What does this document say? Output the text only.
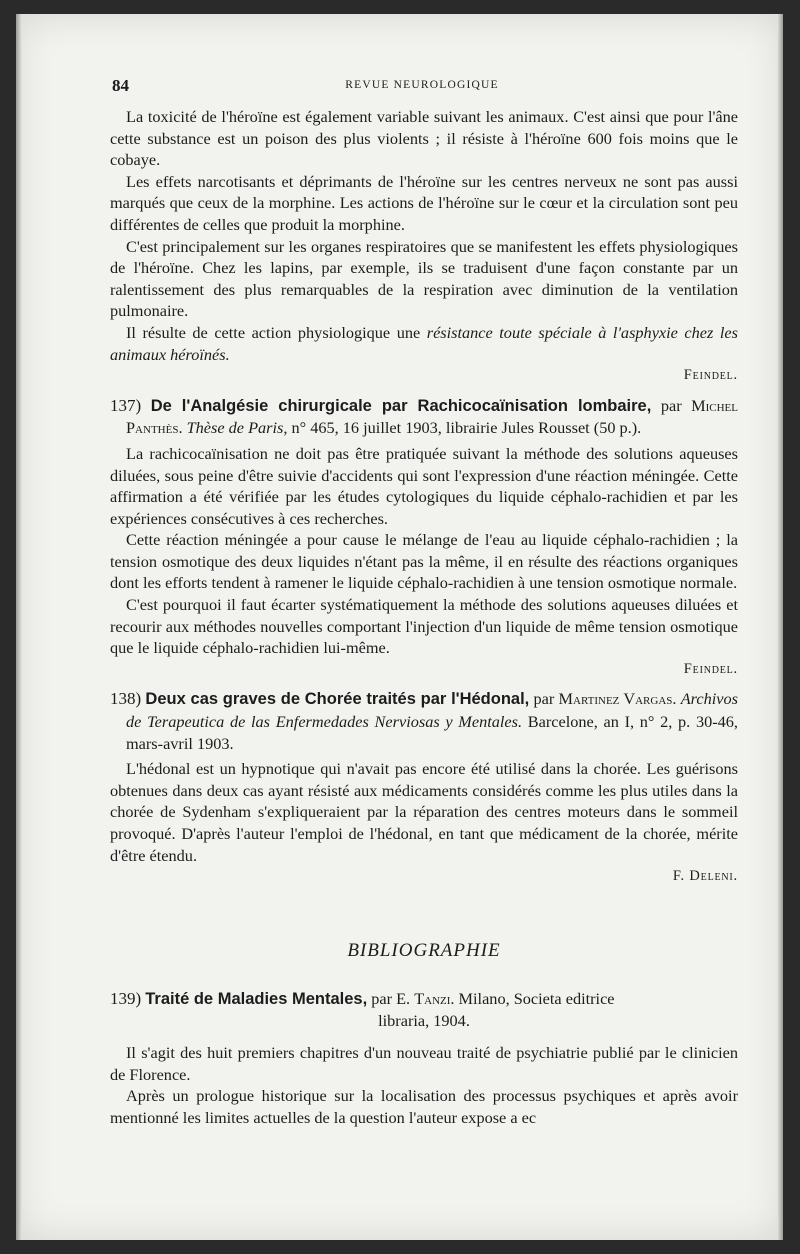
84	REVUE NEUROLOGIQUE

La toxicité de l'héroïne est également variable suivant les animaux. C'est ainsi que pour l'âne cette substance est un poison des plus violents ; il résiste à l'héroïne 600 fois moins que le cobaye.

Les effets narcotisants et déprimants de l'héroïne sur les centres nerveux ne sont pas aussi marqués que ceux de la morphine. Les actions de l'héroïne sur le cœur et la circulation sont peu différentes de celles que produit la morphine.

C'est principalement sur les organes respiratoires que se manifestent les effets physiologiques de l'héroïne. Chez les lapins, par exemple, ils se traduisent d'une façon constante par un ralentissement des plus remarquables de la respiration avec diminution de la ventilation pulmonaire.

Il résulte de cette action physiologique une résistance toute spéciale à l'asphyxie chez les animaux héroïnés.

Feindel.

137) De l'Analgésie chirurgicale par Rachicocaïnisation lombaire, par Michel Panthès. Thèse de Paris, n° 465, 16 juillet 1903, librairie Jules Rousset (50 p.).

La rachicocaïnisation ne doit pas être pratiquée suivant la méthode des solutions aqueuses diluées, sous peine d'être suivie d'accidents qui sont l'expression d'une réaction méningée. Cette affirmation a été vérifiée par les études cytologiques du liquide céphalo-rachidien et par les expériences consécutives à ces recherches.

Cette réaction méningée a pour cause le mélange de l'eau au liquide céphalo-rachidien ; la tension osmotique des deux liquides n'étant pas la même, il en résulte des réactions organiques dont les efforts tendent à ramener le liquide céphalo-rachidien à une tension osmotique normale.

C'est pourquoi il faut écarter systématiquement la méthode des solutions aqueuses diluées et recourir aux méthodes nouvelles comportant l'injection d'un liquide de même tension osmotique que le liquide céphalo-rachidien lui-même.

Feindel.

138) Deux cas graves de Chorée traités par l'Hédonal, par Martinez Vargas. Archivos de Terapeutica de las Enfermedades Nerviosas y Mentales. Barcelone, an I, n° 2, p. 30-46, mars-avril 1903.

L'hédonal est un hypnotique qui n'avait pas encore été utilisé dans la chorée. Les guérisons obtenues dans deux cas ayant résisté aux médicaments considérés comme les plus utiles dans la chorée de Sydenham s'expliqueraient par la réparation des centres moteurs dans le sommeil provoqué. D'après l'auteur l'emploi de l'hédonal, en tant que médicament de la chorée, mérite d'être étendu.

F. Deleni.

BIBLIOGRAPHIE

139) Traité de Maladies Mentales, par E. Tanzi. Milano, Societa editrice

libraria, 1904.

Il s'agit des huit premiers chapitres d'un nouveau traité de psychiatrie publié par le clinicien de Florence.

Après un prologue historique sur la localisation des processus psychiques et après avoir mentionné les limites actuelles de la question l'auteur expose a ec
